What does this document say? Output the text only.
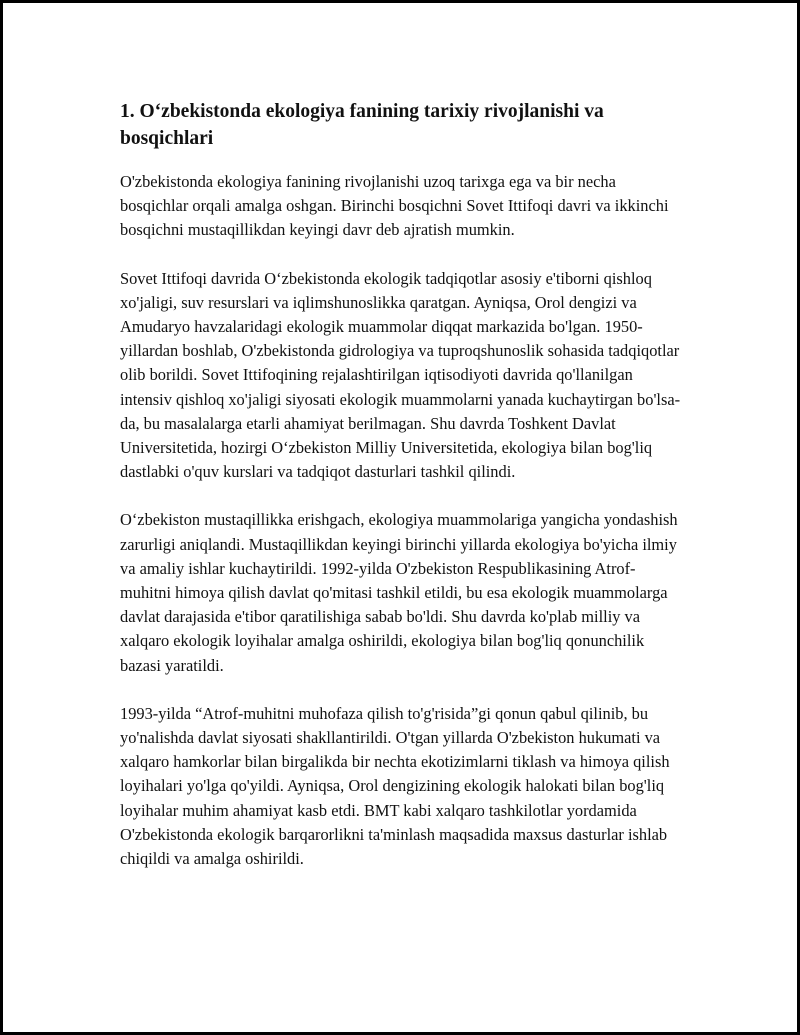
1. O‘zbekistonda ekologiya fanining tarixiy rivojlanishi va bosqichlari

O'zbekistonda ekologiya fanining rivojlanishi uzoq tarixga ega va bir necha bosqichlar orqali amalga oshgan. Birinchi bosqichni Sovet Ittifoqi davri va ikkinchi bosqichni mustaqillikdan keyingi davr deb ajratish mumkin.

Sovet Ittifoqi davrida O‘zbekistonda ekologik tadqiqotlar asosiy e'tiborni qishloq xo'jaligi, suv resurslari va iqlimshunoslikka qaratgan. Ayniqsa, Orol dengizi va Amudaryo havzalaridagi ekologik muammolar diqqat markazida bo'lgan. 1950-yillardan boshlab, O'zbekistonda gidrologiya va tuproqshunoslik sohasida tadqiqotlar olib borildi. Sovet Ittifoqining rejalashtirilgan iqtisodiyoti davrida qo'llanilgan intensiv qishloq xo'jaligi siyosati ekologik muammolarni yanada kuchaytirgan bo'lsa-da, bu masalalarga etarli ahamiyat berilmagan. Shu davrda Toshkent Davlat Universitetida, hozirgi O‘zbekiston Milliy Universitetida, ekologiya bilan bog'liq dastlabki o'quv kurslari va tadqiqot dasturlari tashkil qilindi.

O‘zbekiston mustaqillikka erishgach, ekologiya muammolariga yangicha yondashish zarurligi aniqlandi. Mustaqillikdan keyingi birinchi yillarda ekologiya bo'yicha ilmiy va amaliy ishlar kuchaytirildi. 1992-yilda O'zbekiston Respublikasining Atrof-muhitni himoya qilish davlat qo'mitasi tashkil etildi, bu esa ekologik muammolarga davlat darajasida e'tibor qaratilishiga sabab bo'ldi. Shu davrda ko'plab milliy va xalqaro ekologik loyihalar amalga oshirildi, ekologiya bilan bog'liq qonunchilik bazasi yaratildi.

1993-yilda “Atrof-muhitni muhofaza qilish to'g'risida”gi qonun qabul qilinib, bu yo'nalishda davlat siyosati shakllantirildi. O'tgan yillarda O'zbekiston hukumati va xalqaro hamkorlar bilan birgalikda bir nechta ekotizimlarni tiklash va himoya qilish loyihalari yo'lga qo'yildi. Ayniqsa, Orol dengizining ekologik halokati bilan bog'liq loyihalar muhim ahamiyat kasb etdi. BMT kabi xalqaro tashkilotlar yordamida O'zbekistonda ekologik barqarorlikni ta'minlash maqsadida maxsus dasturlar ishlab chiqildi va amalga oshirildi.
